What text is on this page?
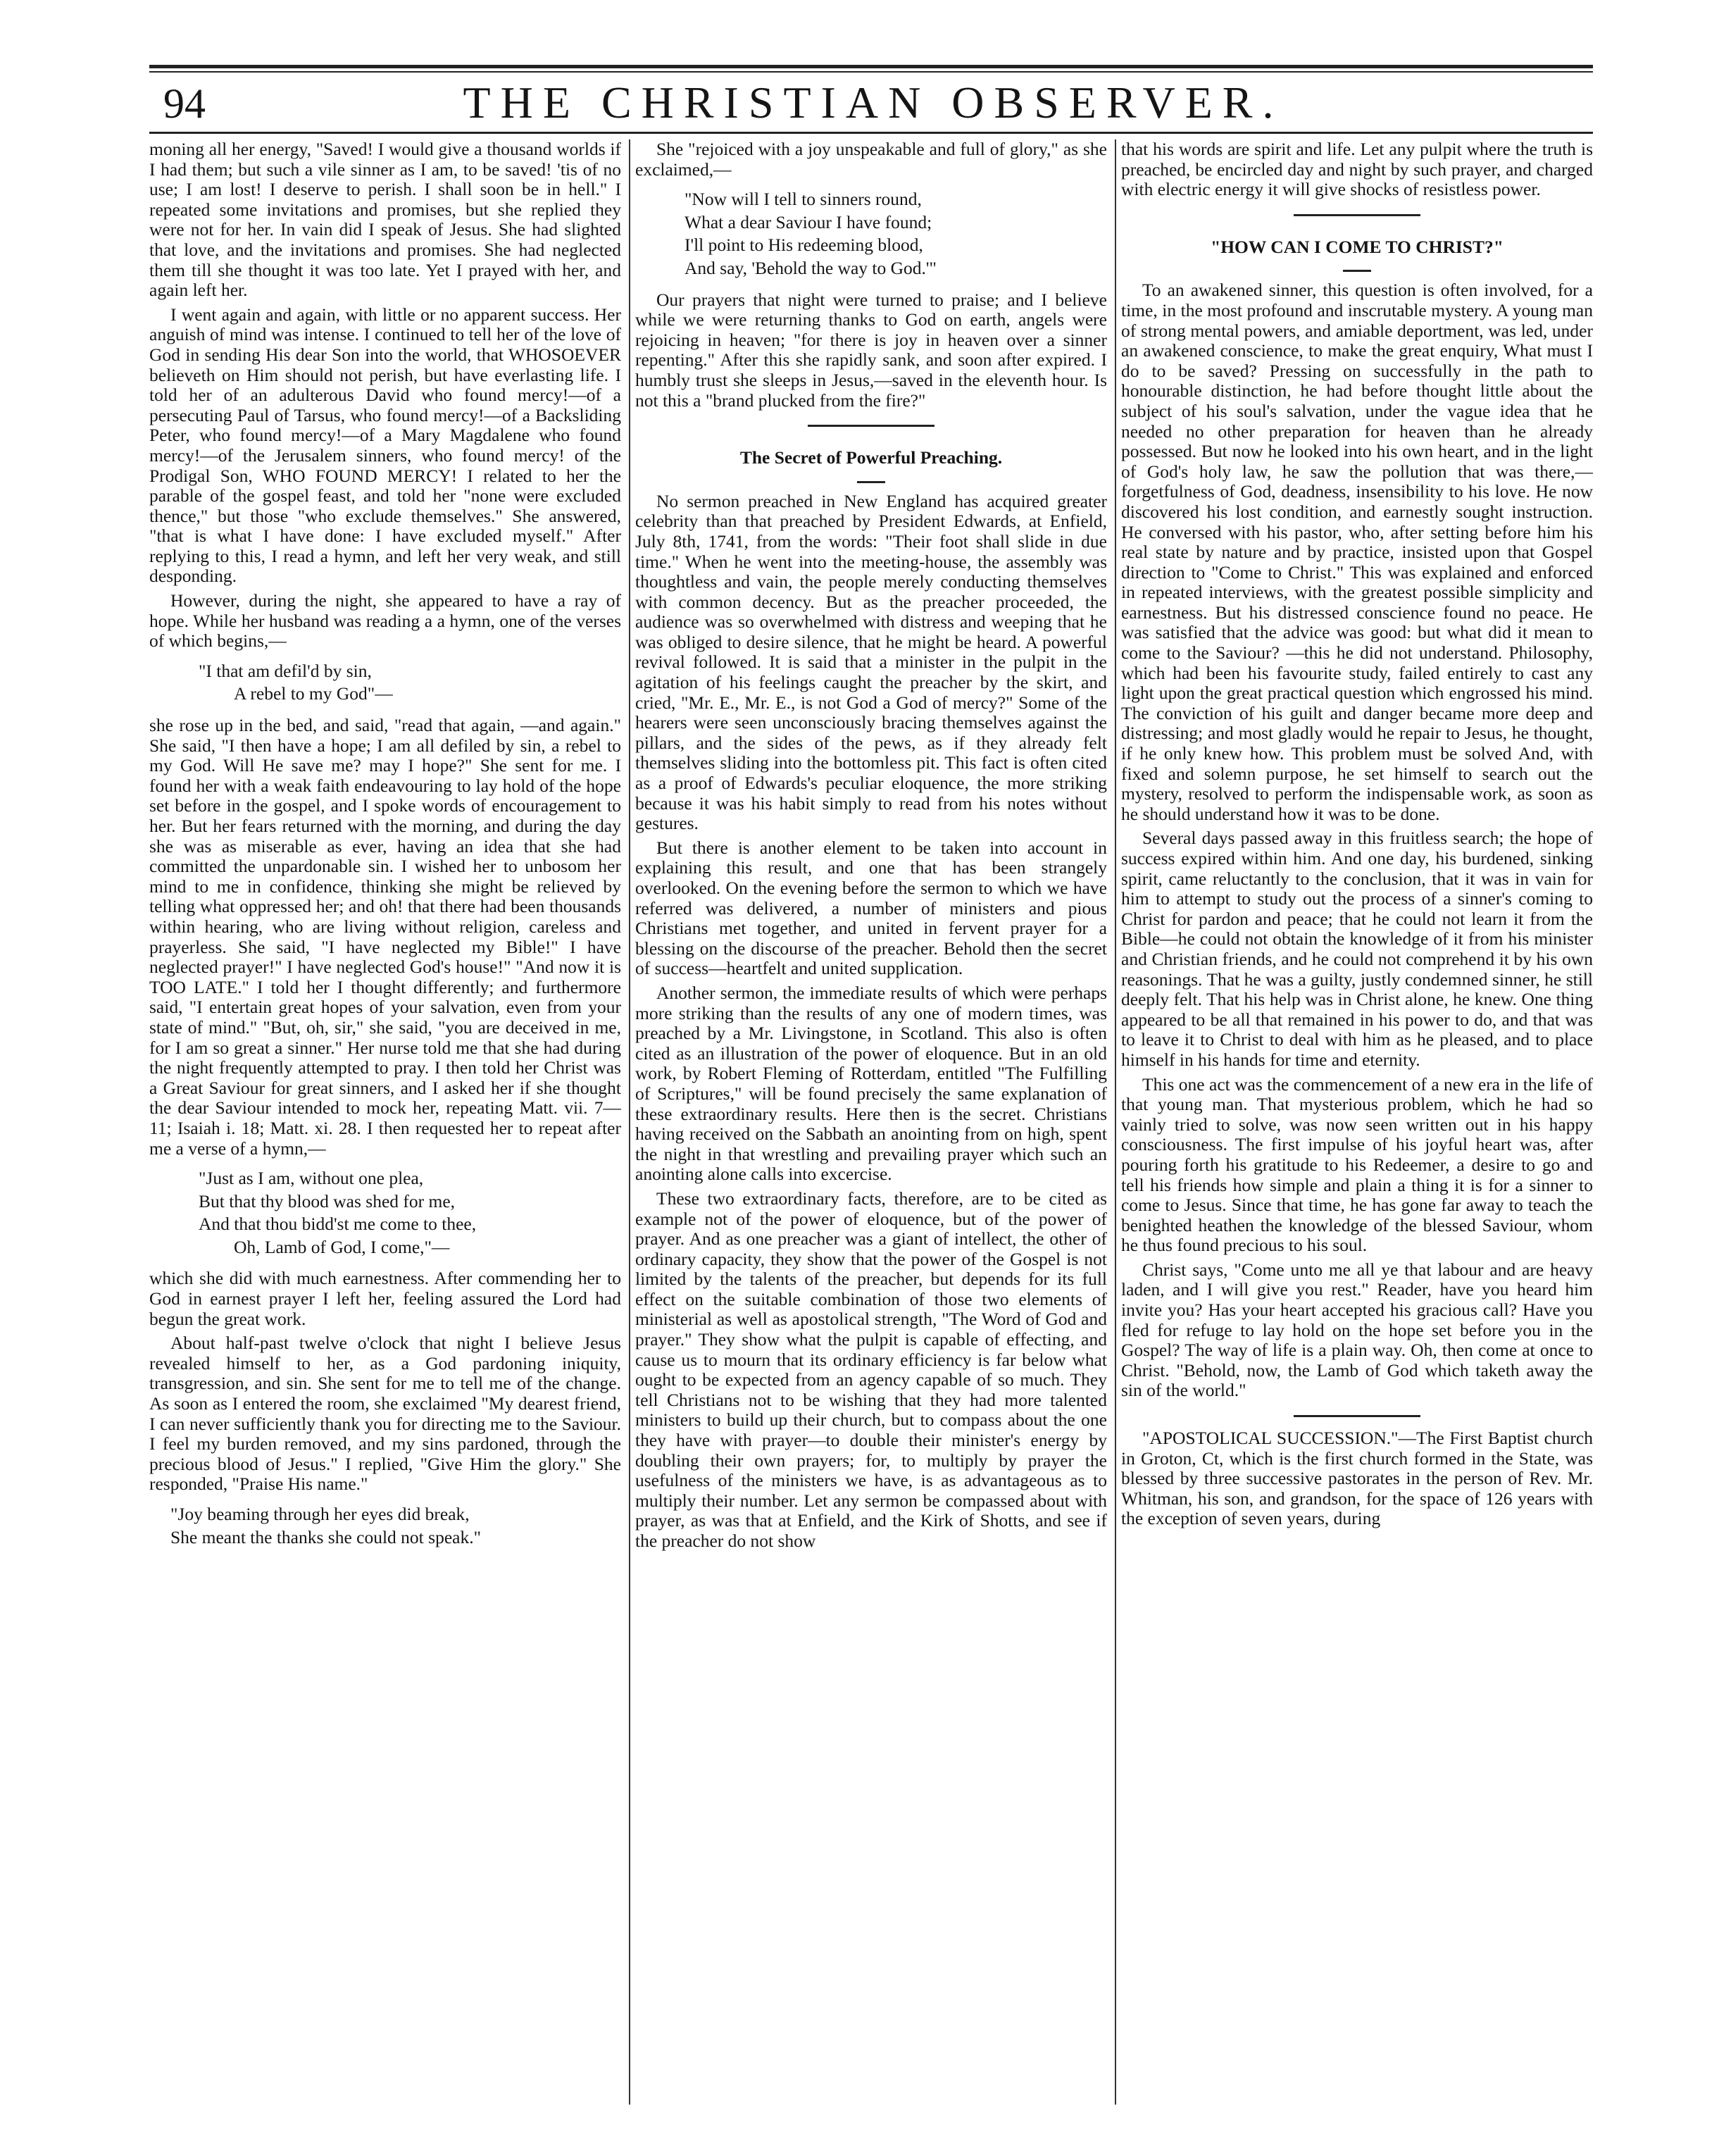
94	THE CHRISTIAN OBSERVER.

moning all her energy, "Saved! I would give a thousand worlds if I had them; but such a vile sinner as I am, to be saved! 'tis of no use; I am lost! I deserve to perish. I shall soon be in hell." I repeated some invitations and promises, but she replied they were not for her. In vain did I speak of Jesus. She had slighted that love, and the invitations and promises. She had neglected them till she thought it was too late. Yet I prayed with her, and again left her.

I went again and again, with little or no apparent success. Her anguish of mind was intense. I continued to tell her of the love of God in sending His dear Son into the world, that WHOSOEVER believeth on Him should not perish, but have everlasting life. I told her of an adulterous David who found mercy!—of a persecuting Paul of Tarsus, who found mercy!—of a Backsliding Peter, who found mercy!—of a Mary Magdalene who found mercy!—of the Jerusalem sinners, who found mercy! of the Prodigal Son, WHO FOUND MERCY! I related to her the parable of the gospel feast, and told her "none were excluded thence," but those "who exclude themselves." She answered, "that is what I have done: I have excluded myself." After replying to this, I read a hymn, and left her very weak, and still desponding.

However, during the night, she appeared to have a ray of hope. While her husband was reading a a hymn, one of the verses of which begins,—

"I that am defil'd by sin,
A rebel to my God"—

she rose up in the bed, and said, "read that again, —and again." She said, "I then have a hope; I am all defiled by sin, a rebel to my God. Will He save me? may I hope?" She sent for me. I found her with a weak faith endeavouring to lay hold of the hope set before in the gospel, and I spoke words of encouragement to her. But her fears returned with the morning, and during the day she was as miserable as ever, having an idea that she had committed the unpardonable sin. I wished her to unbosom her mind to me in confidence, thinking she might be relieved by telling what oppressed her; and oh! that there had been thousands within hearing, who are living without religion, careless and prayerless. She said, "I have neglected my Bible!" I have neglected prayer!" I have neglected God's house!" "And now it is TOO LATE." I told her I thought differently; and furthermore said, "I entertain great hopes of your salvation, even from your state of mind." "But, oh, sir," she said, "you are deceived in me, for I am so great a sinner." Her nurse told me that she had during the night frequently attempted to pray. I then told her Christ was a Great Saviour for great sinners, and I asked her if she thought the dear Saviour intended to mock her, repeating Matt. vii. 7—11; Isaiah i. 18; Matt. xi. 28. I then requested her to repeat after me a verse of a hymn,—

"Just as I am, without one plea,
But that thy blood was shed for me,
And that thou bidd'st me come to thee,
Oh, Lamb of God, I come,"—

which she did with much earnestness. After commending her to God in earnest prayer I left her, feeling assured the Lord had begun the great work.

About half-past twelve o'clock that night I believe Jesus revealed himself to her, as a God pardoning iniquity, transgression, and sin. She sent for me to tell me of the change. As soon as I entered the room, she exclaimed "My dearest friend, I can never sufficiently thank you for directing me to the Saviour. I feel my burden removed, and my sins pardoned, through the precious blood of Jesus." I replied, "Give Him the glory." She responded, "Praise His name."

"Joy beaming through her eyes did break,
She meant the thanks she could not speak."

She "rejoiced with a joy unspeakable and full of glory," as she exclaimed,—

"Now will I tell to sinners round,
What a dear Saviour I have found;
I'll point to His redeeming blood,
And say, 'Behold the way to God.'"

Our prayers that night were turned to praise; and I believe while we were returning thanks to God on earth, angels were rejoicing in heaven; "for there is joy in heaven over a sinner repenting." After this she rapidly sank, and soon after expired. I humbly trust she sleeps in Jesus,—saved in the eleventh hour. Is not this a "brand plucked from the fire?"

The Secret of Powerful Preaching.

No sermon preached in New England has acquired greater celebrity than that preached by President Edwards, at Enfield, July 8th, 1741, from the words: "Their foot shall slide in due time." When he went into the meeting-house, the assembly was thoughtless and vain, the people merely conducting themselves with common decency. But as the preacher proceeded, the audience was so overwhelmed with distress and weeping that he was obliged to desire silence, that he might be heard. A powerful revival followed. It is said that a minister in the pulpit in the agitation of his feelings caught the preacher by the skirt, and cried, "Mr. E., Mr. E., is not God a God of mercy?" Some of the hearers were seen unconsciously bracing themselves against the pillars, and the sides of the pews, as if they already felt themselves sliding into the bottomless pit. This fact is often cited as a proof of Edwards's peculiar eloquence, the more striking because it was his habit simply to read from his notes without gestures.

But there is another element to be taken into account in explaining this result, and one that has been strangely overlooked. On the evening before the sermon to which we have referred was delivered, a number of ministers and pious Christians met together, and united in fervent prayer for a blessing on the discourse of the preacher. Behold then the secret of success—heartfelt and united supplication.

Another sermon, the immediate results of which were perhaps more striking than the results of any one of modern times, was preached by a Mr. Livingstone, in Scotland. This also is often cited as an illustration of the power of eloquence. But in an old work, by Robert Fleming of Rotterdam, entitled "The Fulfilling of Scriptures," will be found precisely the same explanation of these extraordinary results. Here then is the secret. Christians having received on the Sabbath an anointing from on high, spent the night in that wrestling and prevailing prayer which such an anointing alone calls into excercise.

These two extraordinary facts, therefore, are to be cited as example not of the power of eloquence, but of the power of prayer. And as one preacher was a giant of intellect, the other of ordinary capacity, they show that the power of the Gospel is not limited by the talents of the preacher, but depends for its full effect on the suitable combination of those two elements of ministerial as well as apostolical strength, "The Word of God and prayer." They show what the pulpit is capable of effecting, and cause us to mourn that its ordinary efficiency is far below what ought to be expected from an agency capable of so much. They tell Christians not to be wishing that they had more talented ministers to build up their church, but to compass about the one they have with prayer—to double their minister's energy by doubling their own prayers; for, to multiply by prayer the usefulness of the ministers we have, is as advantageous as to multiply their number. Let any sermon be compassed about with prayer, as was that at Enfield, and the Kirk of Shotts, and see if the preacher do not show

that his words are spirit and life. Let any pulpit where the truth is preached, be encircled day and night by such prayer, and charged with electric energy it will give shocks of resistless power.

"HOW CAN I COME TO CHRIST?"

To an awakened sinner, this question is often involved, for a time, in the most profound and inscrutable mystery. A young man of strong mental powers, and amiable deportment, was led, under an awakened conscience, to make the great enquiry, What must I do to be saved? Pressing on successfully in the path to honourable distinction, he had before thought little about the subject of his soul's salvation, under the vague idea that he needed no other preparation for heaven than he already possessed. But now he looked into his own heart, and in the light of God's holy law, he saw the pollution that was there,—forgetfulness of God, deadness, insensibility to his love. He now discovered his lost condition, and earnestly sought instruction. He conversed with his pastor, who, after setting before him his real state by nature and by practice, insisted upon that Gospel direction to "Come to Christ." This was explained and enforced in repeated interviews, with the greatest possible simplicity and earnestness. But his distressed conscience found no peace. He was satisfied that the advice was good: but what did it mean to come to the Saviour? —this he did not understand. Philosophy, which had been his favourite study, failed entirely to cast any light upon the great practical question which engrossed his mind. The conviction of his guilt and danger became more deep and distressing; and most gladly would he repair to Jesus, he thought, if he only knew how. This problem must be solved And, with fixed and solemn purpose, he set himself to search out the mystery, resolved to perform the indispensable work, as soon as he should understand how it was to be done.

Several days passed away in this fruitless search; the hope of success expired within him. And one day, his burdened, sinking spirit, came reluctantly to the conclusion, that it was in vain for him to attempt to study out the process of a sinner's coming to Christ for pardon and peace; that he could not learn it from the Bible—he could not obtain the knowledge of it from his minister and Christian friends, and he could not comprehend it by his own reasonings. That he was a guilty, justly condemned sinner, he still deeply felt. That his help was in Christ alone, he knew. One thing appeared to be all that remained in his power to do, and that was to leave it to Christ to deal with him as he pleased, and to place himself in his hands for time and eternity.

This one act was the commencement of a new era in the life of that young man. That mysterious problem, which he had so vainly tried to solve, was now seen written out in his happy consciousness. The first impulse of his joyful heart was, after pouring forth his gratitude to his Redeemer, a desire to go and tell his friends how simple and plain a thing it is for a sinner to come to Jesus. Since that time, he has gone far away to teach the benighted heathen the knowledge of the blessed Saviour, whom he thus found precious to his soul.

Christ says, "Come unto me all ye that labour and are heavy laden, and I will give you rest." Reader, have you heard him invite you? Has your heart accepted his gracious call? Have you fled for refuge to lay hold on the hope set before you in the Gospel? The way of life is a plain way. Oh, then come at once to Christ. "Behold, now, the Lamb of God which taketh away the sin of the world."

"APOSTOLICAL SUCCESSION."—The First Baptist church in Groton, Ct, which is the first church formed in the State, was blessed by three successive pastorates in the person of Rev. Mr. Whitman, his son, and grandson, for the space of 126 years with the exception of seven years, during
